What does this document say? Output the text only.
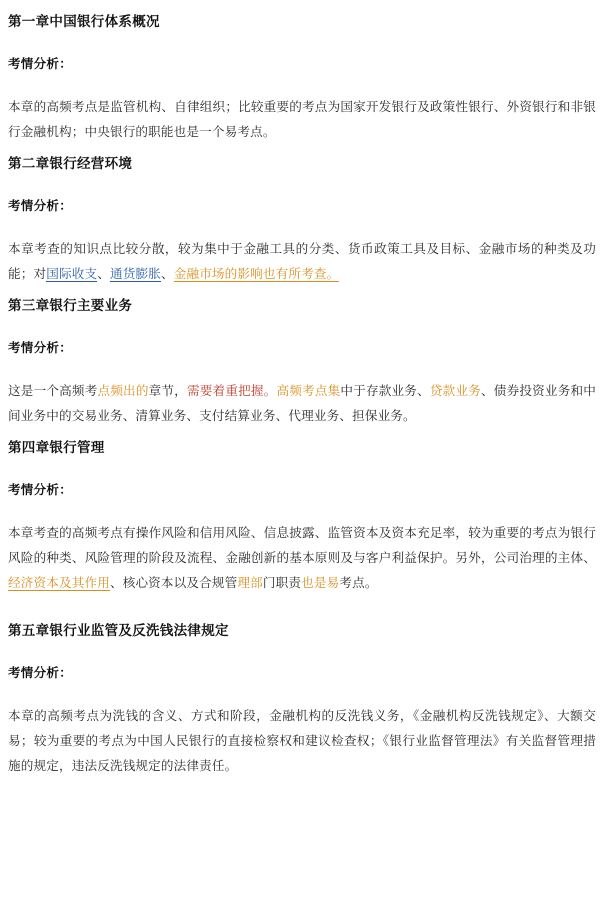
第一章中国银行体系概况
考情分析：

本章的高频考点是监管机构、自律组织；比较重要的考点为国家开发银行及政策性银行、外资银行和非银行金融机构；中央银行的职能也是一个易考点。

第二章银行经营环境
考情分析：

本章考查的知识点比较分散，较为集中于金融工具的分类、货币政策工具及目标、金融市场的种类及功能；对国际收支、通货膨胀、金融市场的影响也有所考查。

第三章银行主要业务
考情分析：

这是一个高频考点频出的章节，需要着重把握。高频考点集中于存款业务、贷款业务、债券投资业务和中间业务中的交易业务、清算业务、支付结算业务、代理业务、担保业务。

第四章银行管理
考情分析：

本章考查的高频考点有操作风险和信用风险、信息披露、监管资本及资本充足率，较为重要的考点为银行风险的种类、风险管理的阶段及流程、金融创新的基本原则及与客户利益保护。另外，公司治理的主体、经济资本及其作用、核心资本以及合规管理部门职责也是易考点。

第五章银行业监管及反洗钱法律规定
考情分析：

本章的高频考点为洗钱的含义、方式和阶段，金融机构的反洗钱义务，《金融机构反洗钱规定》、大额交易；较为重要的考点为中国人民银行的直接检察权和建议检查权；《银行业监督管理法》有关监督管理措施的规定，违法反洗钱规定的法律责任。
